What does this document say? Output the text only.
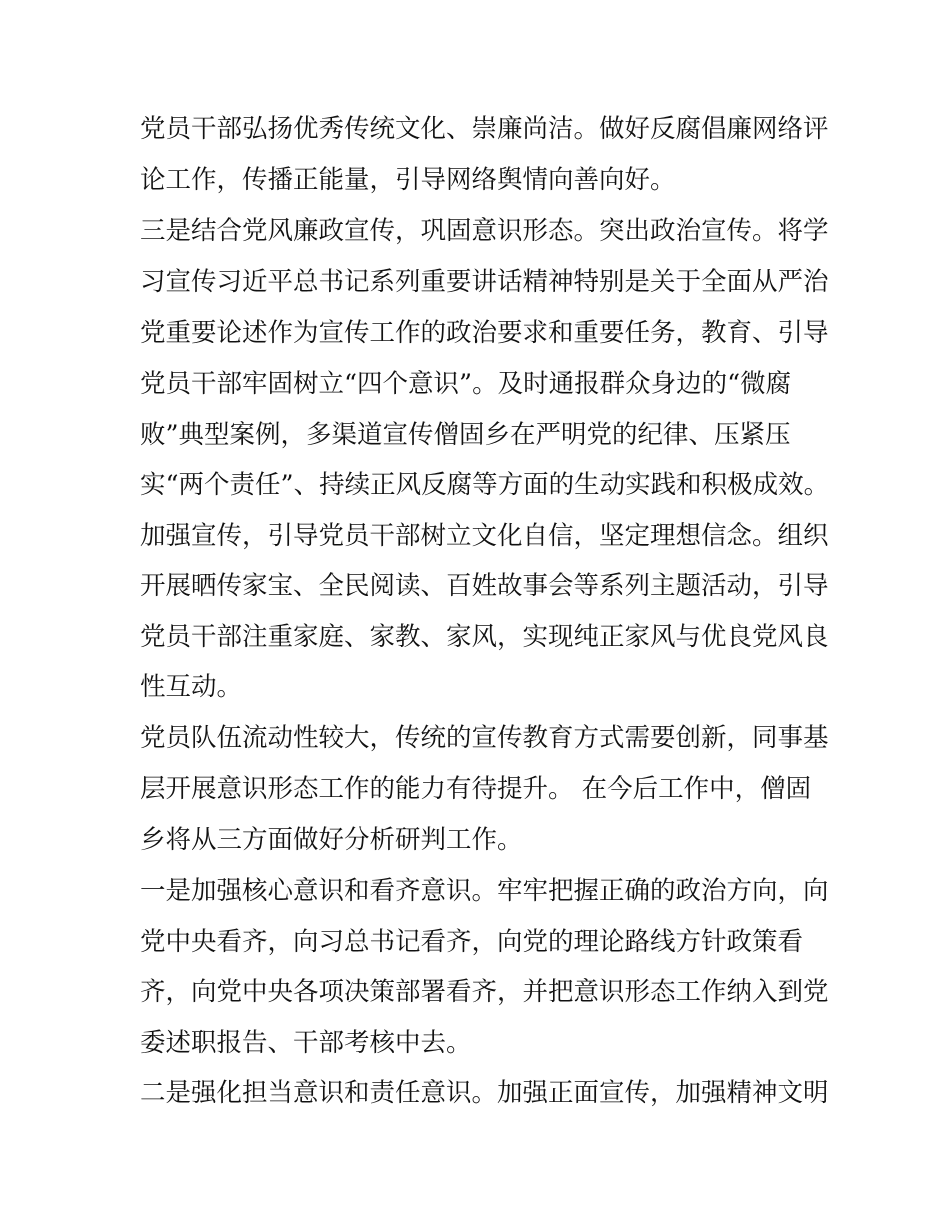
党员干部弘扬优秀传统文化、崇廉尚洁。做好反腐倡廉网络评
论工作，传播正能量，引导网络舆情向善向好。
三是结合党风廉政宣传，巩固意识形态。突出政治宣传。将学
习宣传习近平总书记系列重要讲话精神特别是关于全面从严治
党重要论述作为宣传工作的政治要求和重要任务，教育、引导
党员干部牢固树立“四个意识”。及时通报群众身边的“微腐
败”典型案例，多渠道宣传僧固乡在严明党的纪律、压紧压
实“两个责任”、持续正风反腐等方面的生动实践和积极成效。
加强宣传，引导党员干部树立文化自信，坚定理想信念。组织
开展晒传家宝、全民阅读、百姓故事会等系列主题活动，引导
党员干部注重家庭、家教、家风，实现纯正家风与优良党风良
性互动。
党员队伍流动性较大，传统的宣传教育方式需要创新，同事基
层开展意识形态工作的能力有待提升。 在今后工作中，僧固
乡将从三方面做好分析研判工作。
一是加强核心意识和看齐意识。牢牢把握正确的政治方向，向
党中央看齐，向习总书记看齐，向党的理论路线方针政策看
齐，向党中央各项决策部署看齐，并把意识形态工作纳入到党
委述职报告、干部考核中去。
二是强化担当意识和责任意识。加强正面宣传，加强精神文明
